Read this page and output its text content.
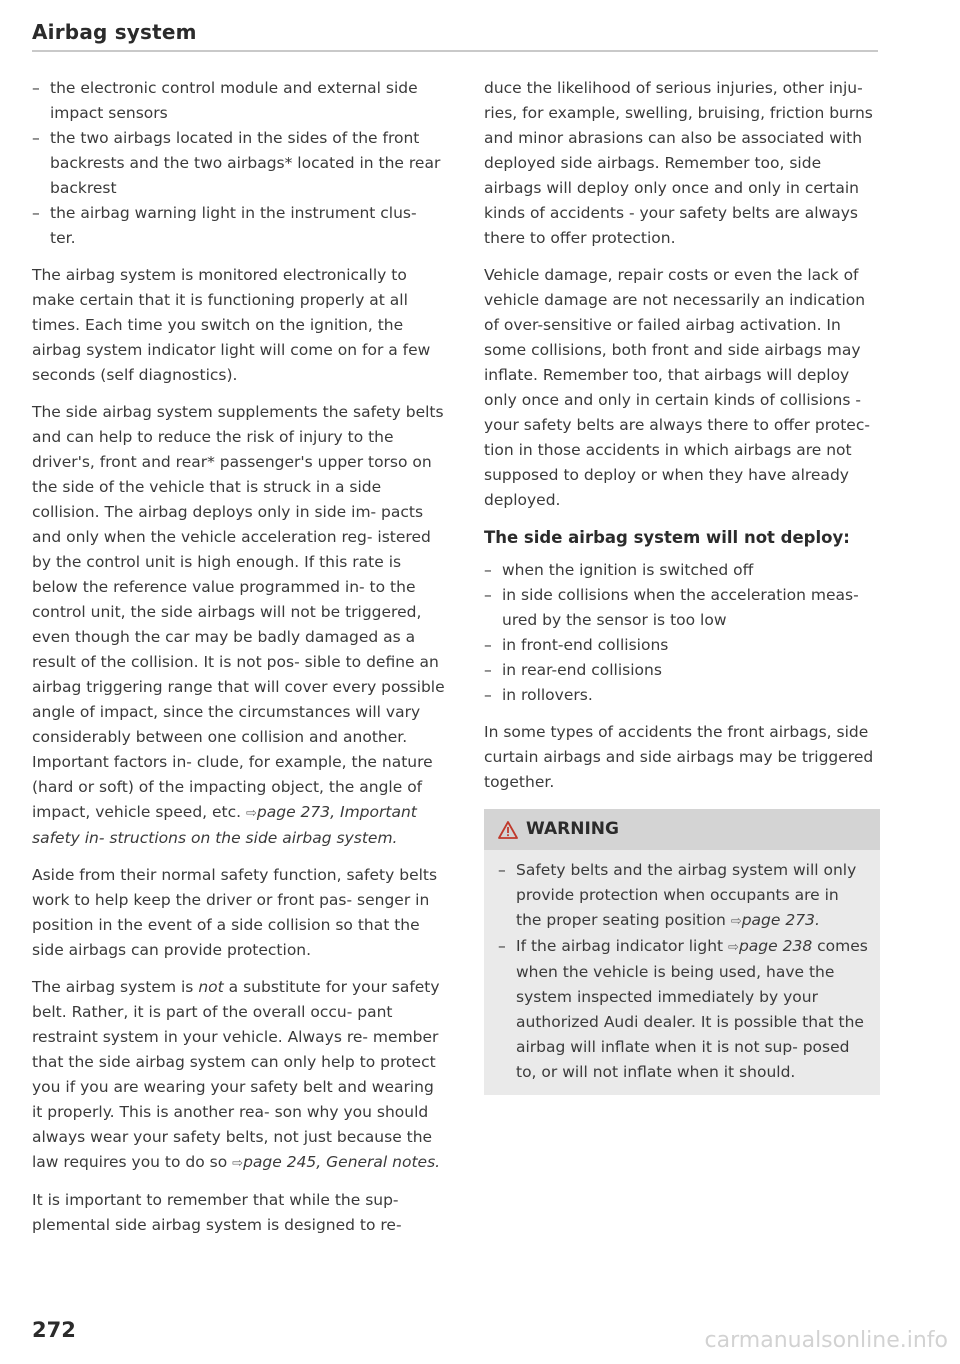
Airbag system
– the electronic control module and external side impact sensors
– the two airbags located in the sides of the front backrests and the two airbags* located in the rear backrest
– the airbag warning light in the instrument clus- ter.

The airbag system is monitored electronically to make certain that it is functioning properly at all times. Each time you switch on the ignition, the airbag system indicator light will come on for a few seconds (self diagnostics).

The side airbag system supplements the safety belts and can help to reduce the risk of injury to the driver's, front and rear* passenger's upper torso on the side of the vehicle that is struck in a side collision. The airbag deploys only in side im- pacts and only when the vehicle acceleration reg- istered by the control unit is high enough. If this rate is below the reference value programmed in- to the control unit, the side airbags will not be triggered, even though the car may be badly damaged as a result of the collision. It is not pos- sible to define an airbag triggering range that will cover every possible angle of impact, since the circumstances will vary considerably between one collision and another. Important factors in- clude, for example, the nature (hard or soft) of the impacting object, the angle of impact, vehicle speed, etc. ⇨page 273, Important safety in- structions on the side airbag system.

Aside from their normal safety function, safety belts work to help keep the driver or front pas- senger in position in the event of a side collision so that the side airbags can provide protection.

The airbag system is not a substitute for your safety belt. Rather, it is part of the overall occu- pant restraint system in your vehicle. Always re- member that the side airbag system can only help to protect you if you are wearing your safety belt and wearing it properly. This is another rea- son why you should always wear your safety belts, not just because the law requires you to do so ⇨page 245, General notes.

It is important to remember that while the sup- plemental side airbag system is designed to re-

duce the likelihood of serious injuries, other inju- ries, for example, swelling, bruising, friction burns and minor abrasions can also be associated with deployed side airbags. Remember too, side airbags will deploy only once and only in certain kinds of accidents - your safety belts are always there to offer protection.

Vehicle damage, repair costs or even the lack of vehicle damage are not necessarily an indication of over-sensitive or failed airbag activation. In some collisions, both front and side airbags may inflate. Remember too, that airbags will deploy only once and only in certain kinds of collisions - your safety belts are always there to offer protec- tion in those accidents in which airbags are not supposed to deploy or when they have already deployed.

The side airbag system will not deploy:
– when the ignition is switched off
– in side collisions when the acceleration meas- ured by the sensor is too low
– in front-end collisions
– in rear-end collisions
– in rollovers.

In some types of accidents the front airbags, side curtain airbags and side airbags may be triggered together.

WARNING
– Safety belts and the airbag system will only provide protection when occupants are in the proper seating position ⇨page 273.
– If the airbag indicator light ⇨page 238 comes when the vehicle is being used, have the system inspected immediately by your authorized Audi dealer. It is possible that the airbag will inflate when it is not sup- posed to, or will not inflate when it should.
272	carmanualsonline.info
